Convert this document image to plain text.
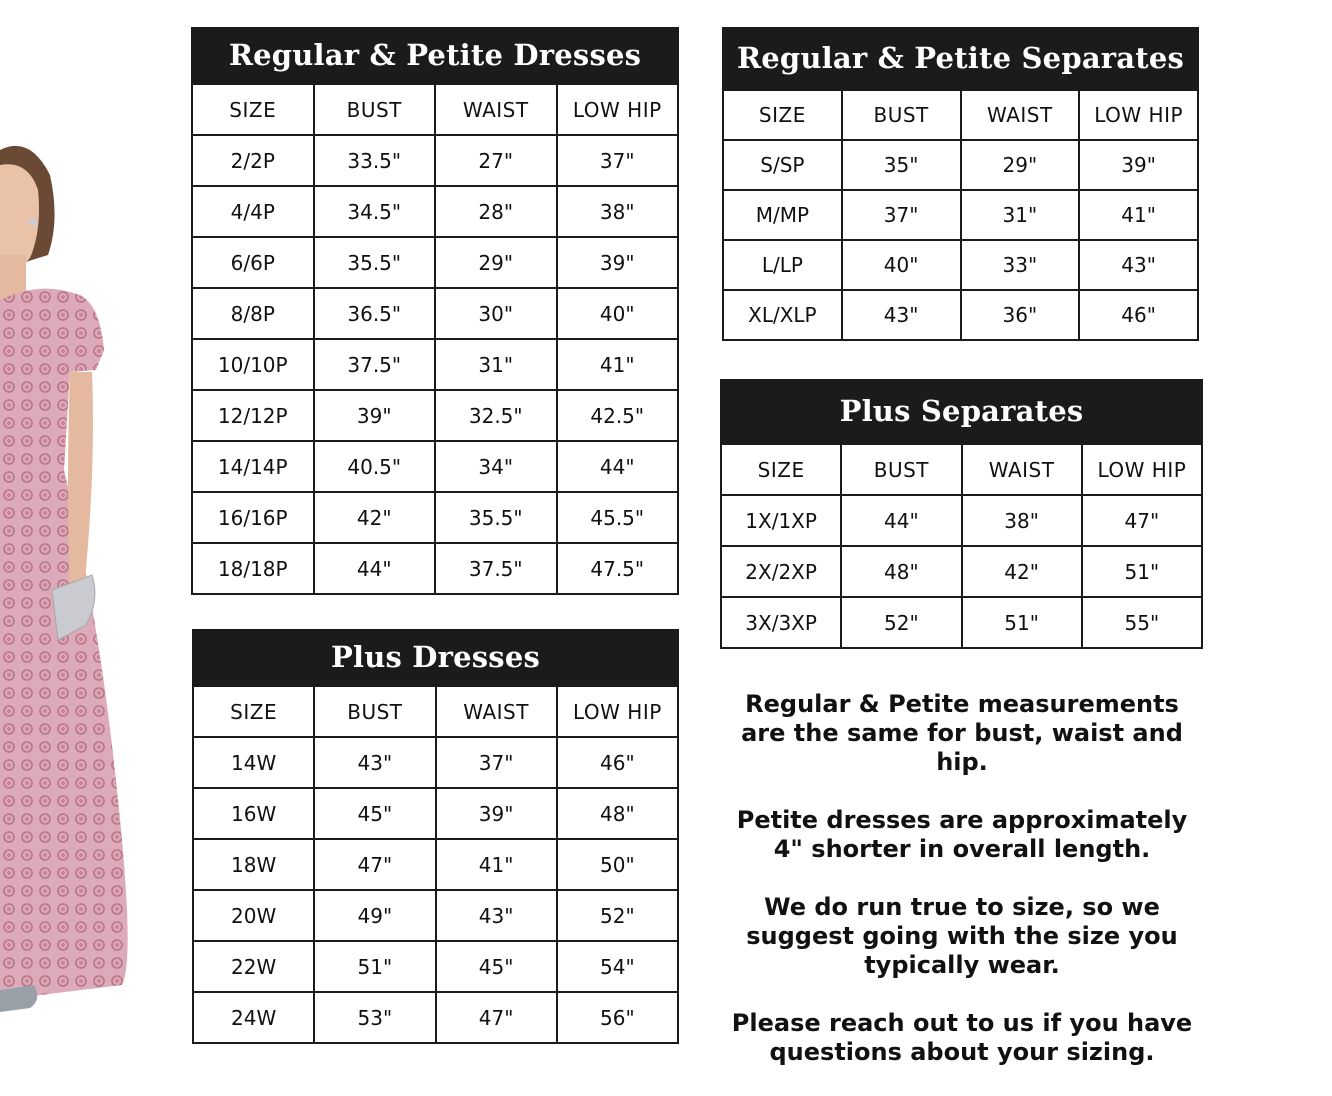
Regular & Petite Dresses
SIZE	BUST	WAIST	LOW HIP
2/2P	33.5"	27"	37"
4/4P	34.5"	28"	38"
6/6P	35.5"	29"	39"
8/8P	36.5"	30"	40"
10/10P	37.5"	31"	41"
12/12P	39"	32.5"	42.5"
14/14P	40.5"	34"	44"
16/16P	42"	35.5"	45.5"
18/18P	44"	37.5"	47.5"
Plus Dresses
SIZE	BUST	WAIST	LOW HIP
14W	43"	37"	46"
16W	45"	39"	48"
18W	47"	41"	50"
20W	49"	43"	52"
22W	51"	45"	54"
24W	53"	47"	56"
Regular & Petite Separates
SIZE	BUST	WAIST	LOW HIP
S/SP	35"	29"	39"
M/MP	37"	31"	41"
L/LP	40"	33"	43"
XL/XLP	43"	36"	46"
Plus Separates
SIZE	BUST	WAIST	LOW HIP
1X/1XP	44"	38"	47"
2X/2XP	48"	42"	51"
3X/3XP	52"	51"	55"

Regular & Petite measurements are the same for bust, waist and hip.

Petite dresses are approximately 4" shorter in overall length.

We do run true to size, so we suggest going with the size you typically wear.

Please reach out to us if you have questions about your sizing.
